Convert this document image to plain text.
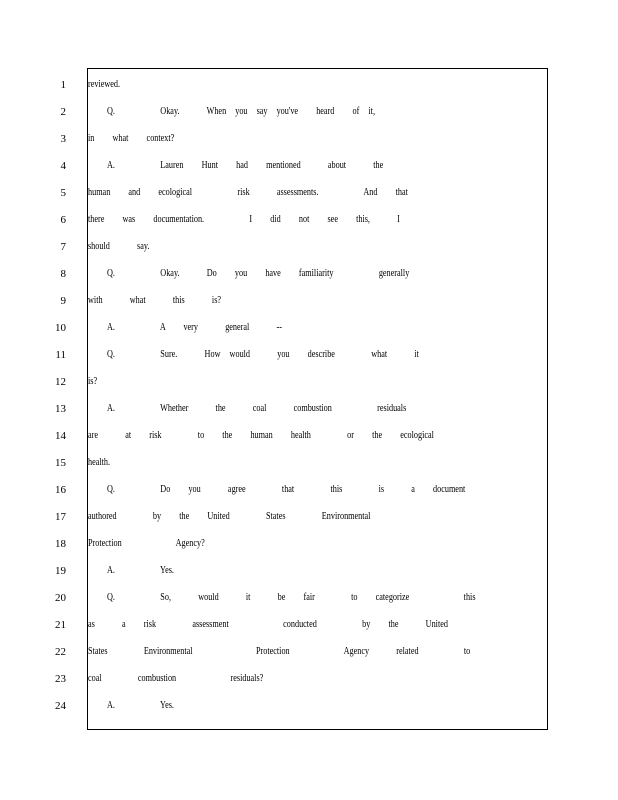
1 reviewed.
2	Q.     Okay.   When you say you've  heard  of it,
3 in  what  context?
4	A.     Lauren  Hunt  had  mentioned   about   the
5 human  and  ecological     risk   assessments.     And  that
6 there  was  documentation.     I  did  not  see  this,   I
7 should   say.
8	Q.     Okay.   Do  you  have  familiarity     generally
9 with   what   this   is?
10	A.     A  very   general   --
11	Q.     Sure.   How would   you  describe    what   it
12 is?
13	A.     Whether   the   coal   combustion     residuals
14 are   at  risk    to  the  human  health    or  the  ecological
15 health.
16	Q.     Do  you   agree    that    this    is   a  document
17 authored    by  the  United    States    Environmental
18 Protection      Agency?
19	A.     Yes.
20	Q.     So,   would   it   be  fair    to  categorize      this
21 as   a  risk    assessment      conducted     by  the   United
22 States    Environmental       Protection      Agency   related     to
23 coal    combustion      residuals?
24	A.     Yes.
